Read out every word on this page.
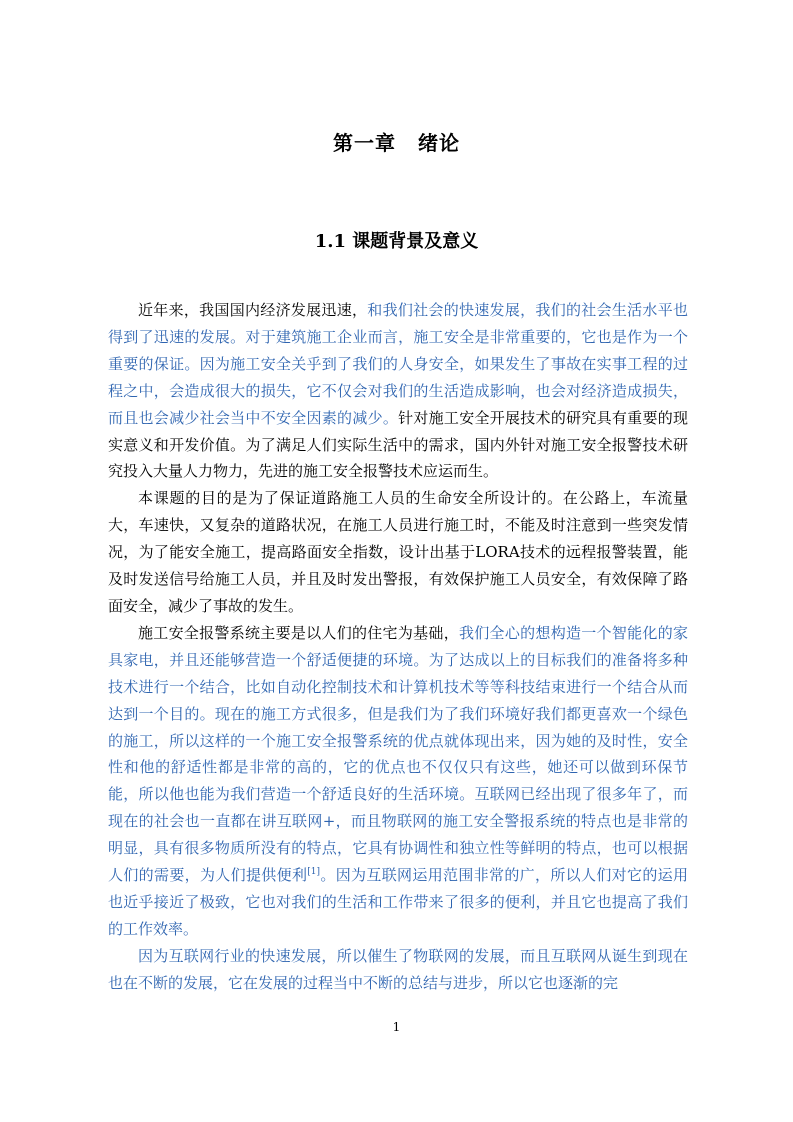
第一章 绪论
1.1 课题背景及意义

近年来，我国国内经济发展迅速，和我们社会的快速发展，我们的社会生活水平也得到了迅速的发展。对于建筑施工企业而言，施工安全是非常重要的，它也是作为一个重要的保证。因为施工安全关乎到了我们的人身安全，如果发生了事故在实事工程的过程之中，会造成很大的损失，它不仅会对我们的生活造成影响，也会对经济造成损失，而且也会减少社会当中不安全因素的减少。针对施工安全开展技术的研究具有重要的现实意义和开发价值。为了满足人们实际生活中的需求，国内外针对施工安全报警技术研究投入大量人力物力，先进的施工安全报警技术应运而生。

本课题的目的是为了保证道路施工人员的生命安全所设计的。在公路上，车流量大，车速快，又复杂的道路状况，在施工人员进行施工时，不能及时注意到一些突发情况，为了能安全施工，提高路面安全指数，设计出基于LORA技术的远程报警装置，能及时发送信号给施工人员，并且及时发出警报，有效保护施工人员安全，有效保障了路面安全，减少了事故的发生。

施工安全报警系统主要是以人们的住宅为基础，我们全心的想构造一个智能化的家具家电，并且还能够营造一个舒适便捷的环境。为了达成以上的目标我们的准备将多种技术进行一个结合，比如自动化控制技术和计算机技术等等科技结束进行一个结合从而达到一个目的。现在的施工方式很多，但是我们为了我们环境好我们都更喜欢一个绿色的施工，所以这样的一个施工安全报警系统的优点就体现出来，因为她的及时性，安全性和他的舒适性都是非常的高的，它的优点也不仅仅只有这些，她还可以做到环保节能，所以他也能为我们营造一个舒适良好的生活环境。互联网已经出现了很多年了，而现在的社会也一直都在讲互联网+，而且物联网的施工安全警报系统的特点也是非常的明显，具有很多物质所没有的特点，它具有协调性和独立性等鲜明的特点，也可以根据人们的需要，为人们提供便利[1]。因为互联网运用范围非常的广，所以人们对它的运用也近乎接近了极致，它也对我们的生活和工作带来了很多的便利，并且它也提高了我们的工作效率。

因为互联网行业的快速发展，所以催生了物联网的发展，而且互联网从诞生到现在也在不断的发展，它在发展的过程当中不断的总结与进步，所以它也逐渐的完

1
